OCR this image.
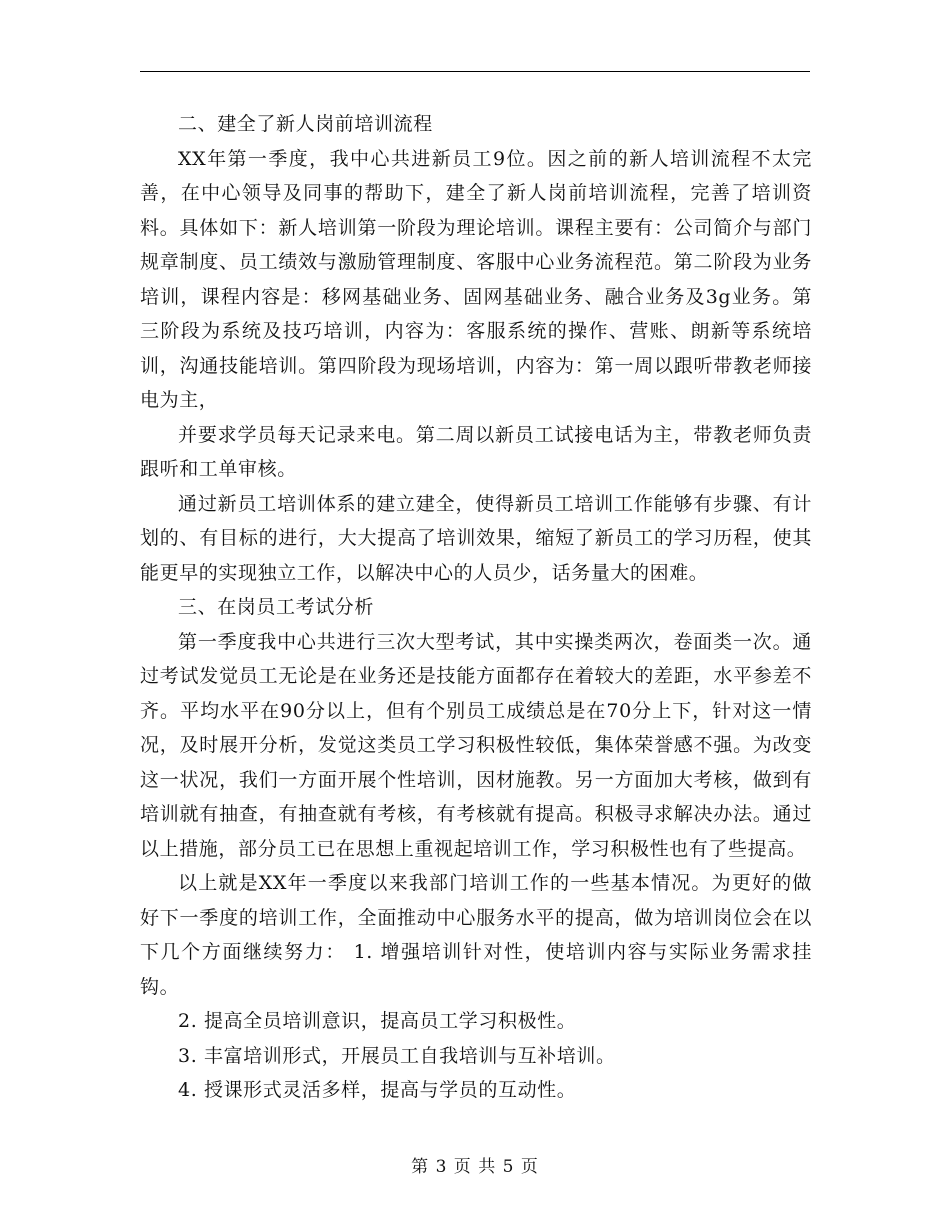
二、建全了新人岗前培训流程

XX年第一季度，我中心共进新员工9位。因之前的新人培训流程不太完善，在中心领导及同事的帮助下，建全了新人岗前培训流程，完善了培训资料。具体如下：新人培训第一阶段为理论培训。课程主要有：公司简介与部门规章制度、员工绩效与激励管理制度、客服中心业务流程范。第二阶段为业务培训，课程内容是：移网基础业务、固网基础业务、融合业务及3g业务。第三阶段为系统及技巧培训，内容为：客服系统的操作、营账、朗新等系统培训，沟通技能培训。第四阶段为现场培训，内容为：第一周以跟听带教老师接电为主，

并要求学员每天记录来电。第二周以新员工试接电话为主，带教老师负责跟听和工单审核。

通过新员工培训体系的建立建全，使得新员工培训工作能够有步骤、有计划的、有目标的进行，大大提高了培训效果，缩短了新员工的学习历程，使其能更早的实现独立工作，以解决中心的人员少，话务量大的困难。

三、在岗员工考试分析

第一季度我中心共进行三次大型考试，其中实操类两次，卷面类一次。通过考试发觉员工无论是在业务还是技能方面都存在着较大的差距，水平参差不齐。平均水平在90分以上，但有个别员工成绩总是在70分上下，针对这一情况，及时展开分析，发觉这类员工学习积极性较低，集体荣誉感不强。为改变这一状况，我们一方面开展个性培训，因材施教。另一方面加大考核，做到有培训就有抽查，有抽查就有考核，有考核就有提高。积极寻求解决办法。通过以上措施，部分员工已在思想上重视起培训工作，学习积极性也有了些提高。

以上就是XX年一季度以来我部门培训工作的一些基本情况。为更好的做好下一季度的培训工作，全面推动中心服务水平的提高，做为培训岗位会在以下几个方面继续努力： 1. 增强培训针对性，使培训内容与实际业务需求挂钩。

2. 提高全员培训意识，提高员工学习积极性。

3. 丰富培训形式，开展员工自我培训与互补培训。

4. 授课形式灵活多样，提高与学员的互动性。

第 3 页 共 5 页
